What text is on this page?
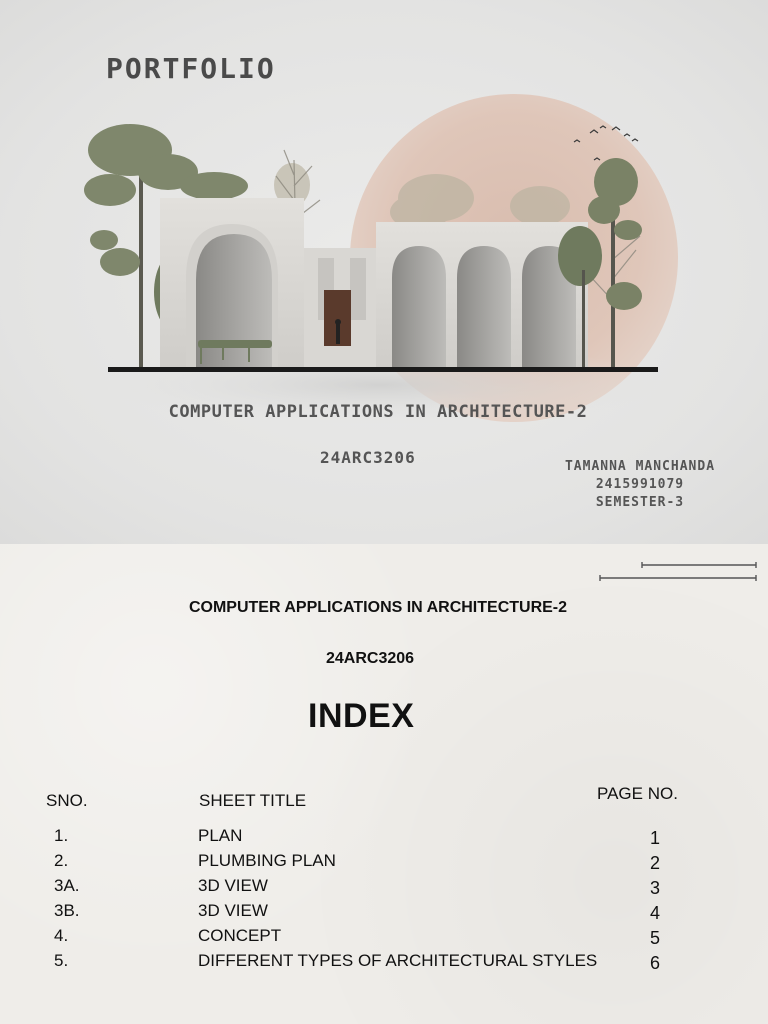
PORTFOLIO
COMPUTER APPLICATIONS IN ARCHITECTURE-2
24ARC3206	TAMANNA MANCHANDA
2415991079
SEMESTER-3
COMPUTER APPLICATIONS IN ARCHITECTURE-2
24ARC3206
INDEX
SNO.	SHEET TITLE	PAGE NO.
1.	PLAN	1
2.	PLUMBING PLAN	2
3A.	3D VIEW	3
3B.	3D VIEW	4
4.	CONCEPT	5
5.	DIFFERENT TYPES OF ARCHITECTURAL STYLES	6
